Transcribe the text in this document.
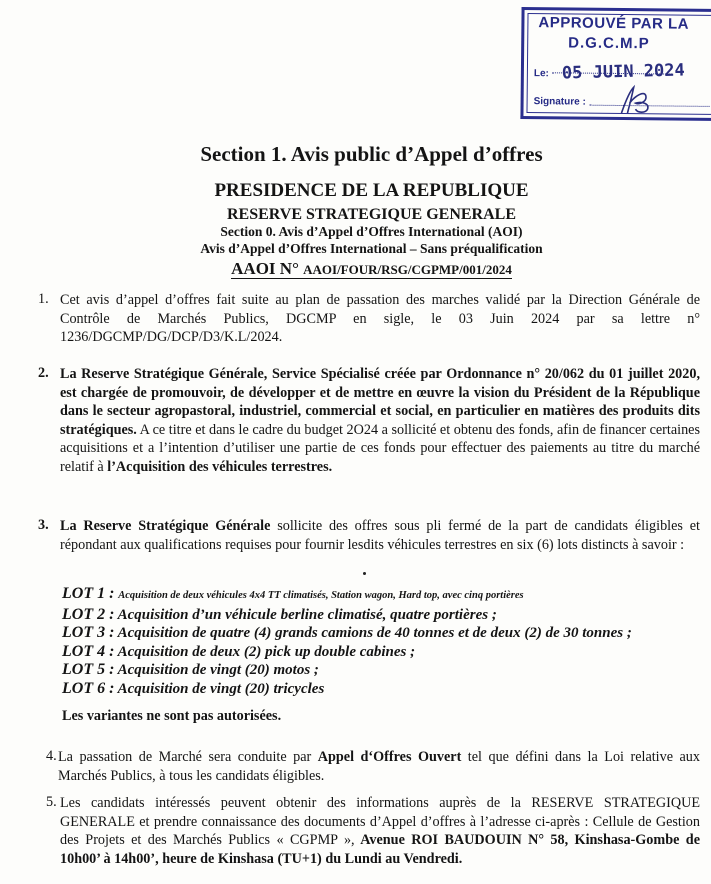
APPROUVÉ PAR LA
D.G.C.M.P
Le: 05 JUIN 2024
Signature :
Section 1. Avis public d’Appel d’offres
PRESIDENCE DE LA REPUBLIQUE
RESERVE STRATEGIQUE GENERALE
Section 0. Avis d’Appel d’Offres International (AOI)
Avis d’Appel d’Offres International – Sans préqualification
AAOI N° AAOI/FOUR/RSG/CGPMP/001/2024
1. Cet avis d’appel d’offres fait suite au plan de passation des marches validé par la Direction Générale de Contrôle de Marchés Publics, DGCMP en sigle, le 03 Juin 2024 par sa lettre n° 1236/DGCMP/DG/DCP/D3/K.L/2024.
2. La Reserve Stratégique Générale, Service Spécialisé créée par Ordonnance n° 20/062 du 01 juillet 2020, est chargée de promouvoir, de développer et de mettre en œuvre la vision du Président de la République dans le secteur agropastoral, industriel, commercial et social, en particulier en matières des produits dits stratégiques. A ce titre et dans le cadre du budget 2O24 a sollicité et obtenu des fonds, afin de financer certaines acquisitions et a l’intention d’utiliser une partie de ces fonds pour effectuer des paiements au titre du marché relatif à l’Acquisition des véhicules terrestres.
3. La Reserve Stratégique Générale sollicite des offres sous pli fermé de la part de candidats éligibles et répondant aux qualifications requises pour fournir lesdits véhicules terrestres en six (6) lots distincts à savoir :
LOT 1 : Acquisition de deux véhicules 4x4 TT climatisés, Station wagon, Hard top, avec cinq portières
LOT 2 : Acquisition d’un véhicule berline climatisé, quatre portières ;
LOT 3 : Acquisition de quatre (4) grands camions de 40 tonnes et de deux (2) de 30 tonnes ;
LOT 4 : Acquisition de deux (2) pick up double cabines ;
LOT 5 : Acquisition de vingt (20) motos ;
LOT 6 : Acquisition de vingt (20) tricycles
Les variantes ne sont pas autorisées.
4. La passation de Marché sera conduite par Appel d‘Offres Ouvert tel que défini dans la Loi relative aux Marchés Publics, à tous les candidats éligibles.
5. Les candidats intéressés peuvent obtenir des informations auprès de la RESERVE STRATEGIQUE GENERALE et prendre connaissance des documents d’Appel d’offres à l’adresse ci-après : Cellule de Gestion des Projets et des Marchés Publics « CGPMP », Avenue ROI BAUDOUIN N° 58, Kinshasa-Gombe de 10h00’ à 14h00’, heure de Kinshasa (TU+1) du Lundi au Vendredi.
